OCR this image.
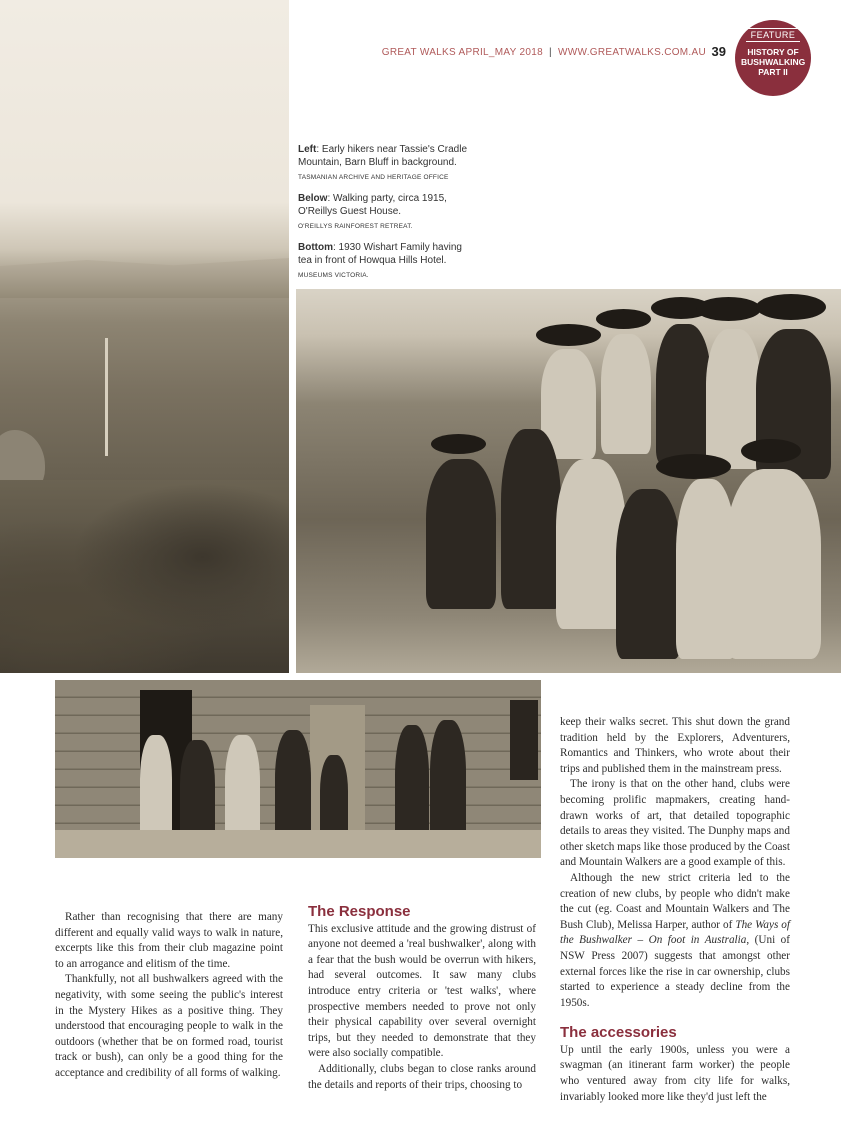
GREAT WALKS APRIL_MAY 2018 | WWW.GREATWALKS.COM.AU 39
FEATURE
HISTORY OF BUSHWALKING PART II
Left: Early hikers near Tassie's Cradle Mountain, Barn Bluff in background.
TASMANIAN ARCHIVE AND HERITAGE OFFICE
Below: Walking party, circa 1915, O'Reillys Guest House.
O'REILLYS RAINFOREST RETREAT.
Bottom: 1930 Wishart Family having tea in front of Howqua Hills Hotel.
MUSEUMS VICTORIA.

Rather than recognising that there are many different and equally valid ways to walk in nature, excerpts like this from their club magazine point to an arrogance and elitism of the time.

Thankfully, not all bushwalkers agreed with the negativity, with some seeing the public's interest in the Mystery Hikes as a positive thing. They understood that encouraging people to walk in the outdoors (whether that be on formed road, tourist track or bush), can only be a good thing for the acceptance and credibility of all forms of walking.

The Response

This exclusive attitude and the growing distrust of anyone not deemed a 'real bushwalker', along with a fear that the bush would be overrun with hikers, had several outcomes. It saw many clubs introduce entry criteria or 'test walks', where prospective members needed to prove not only their physical capability over several overnight trips, but they needed to demonstrate that they were also socially compatible.

Additionally, clubs began to close ranks around the details and reports of their trips, choosing to

keep their walks secret. This shut down the grand tradition held by the Explorers, Adventurers, Romantics and Thinkers, who wrote about their trips and published them in the mainstream press.

The irony is that on the other hand, clubs were becoming prolific mapmakers, creating hand-drawn works of art, that detailed topographic details to areas they visited. The Dunphy maps and other sketch maps like those produced by the Coast and Mountain Walkers are a good example of this.

Although the new strict criteria led to the creation of new clubs, by people who didn't make the cut (eg. Coast and Mountain Walkers and The Bush Club), Melissa Harper, author of The Ways of the Bushwalker – On foot in Australia, (Uni of NSW Press 2007) suggests that amongst other external forces like the rise in car ownership, clubs started to experience a steady decline from the 1950s.

The accessories

Up until the early 1900s, unless you were a swagman (an itinerant farm worker) the people who ventured away from city life for walks, invariably looked more like they'd just left the
